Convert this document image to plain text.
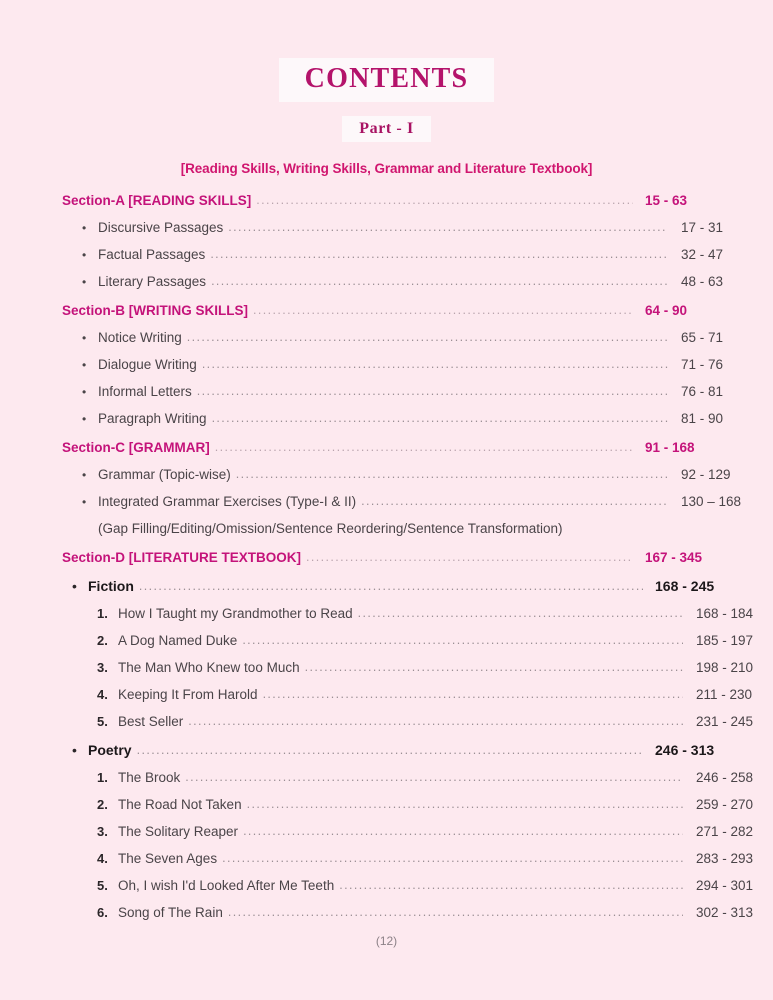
CONTENTS
Part - I
[Reading Skills, Writing Skills, Grammar and Literature Textbook]
Section-A [READING SKILLS] .....	15 - 63
• Discursive Passages .....	17 - 31
• Factual Passages .....	32 - 47
• Literary Passages .....	48 - 63
Section-B [WRITING SKILLS] .....	64 - 90
• Notice Writing .....	65 - 71
• Dialogue Writing .....	71 - 76
• Informal Letters .....	76 - 81
• Paragraph Writing .....	81 - 90
Section-C [GRAMMAR] .....	91 - 168
• Grammar (Topic-wise) .....	92 - 129
• Integrated Grammar Exercises (Type-I & II) .....	130 – 168
(Gap Filling/Editing/Omission/Sentence Reordering/Sentence Transformation)
Section-D [LITERATURE TEXTBOOK] .....	167 - 345
• Fiction .....	168 - 245
1. How I Taught my Grandmother to Read .....	168 - 184
2. A Dog Named Duke .....	185 - 197
3. The Man Who Knew too Much .....	198 - 210
4. Keeping It From Harold .....	211 - 230
5. Best Seller .....	231 - 245
• Poetry .....	246 - 313
1. The Brook .....	246 - 258
2. The Road Not Taken .....	259 - 270
3. The Solitary Reaper .....	271 - 282
4. The Seven Ages .....	283 - 293
5. Oh, I wish I'd Looked After Me Teeth .....	294 - 301
6. Song of The Rain .....	302 - 313
(12)
